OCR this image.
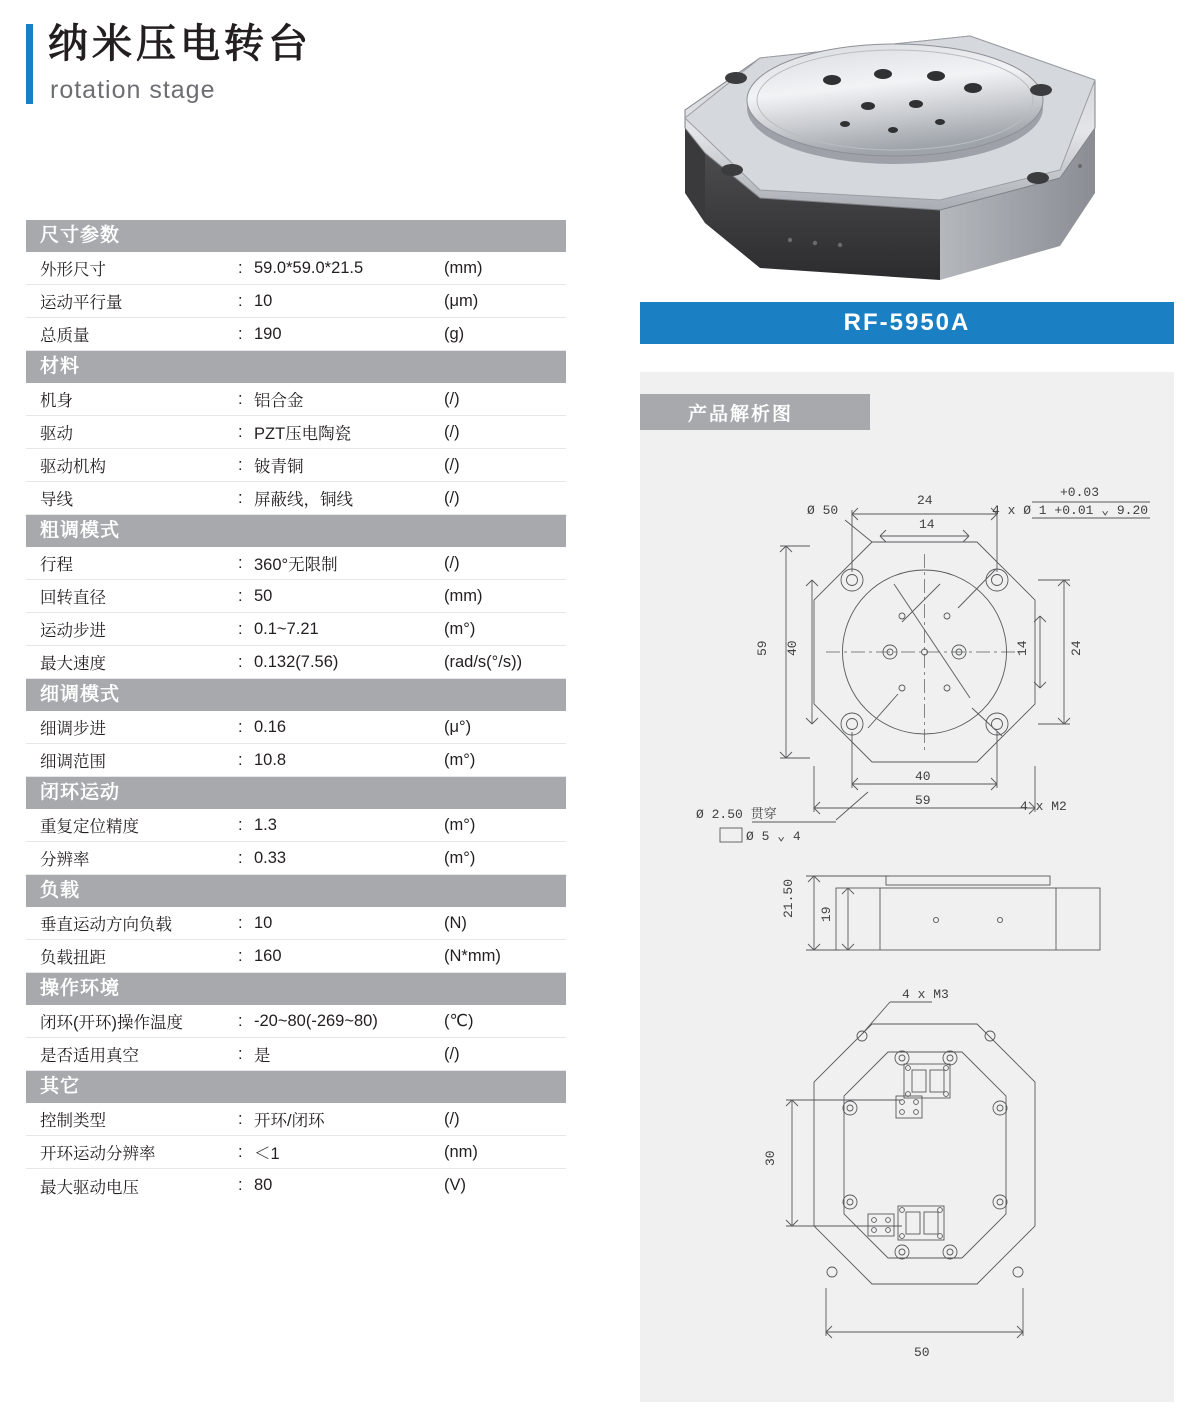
纳米压电转台
rotation stage
尺寸参数
外形尺寸	: 59.0*59.0*21.5	(mm)
运动平行量	: 10	(μm)
总质量	: 190	(g)
材料
机身	: 铝合金	(/)
驱动	: PZT压电陶瓷	(/)
驱动机构	: 铍青铜	(/)
导线	: 屏蔽线，铜线	(/)
粗调模式
行程	: 360°无限制	(/)
回转直径	: 50	(mm)
运动步进	: 0.1~7.21	(m°)
最大速度	: 0.132(7.56)	(rad/s(°/s))
细调模式
细调步进	: 0.16	(μ°)
细调范围	: 10.8	(m°)
闭环运动
重复定位精度	: 1.3	(m°)
分辨率	: 0.33	(m°)
负载
垂直运动方向负载	: 10	(N)
负载扭距	: 160	(N*mm)
操作环境
闭环(开环)操作温度	: -20~80(-269~80)	(℃)
是否适用真空	: 是	(/)
其它
控制类型	: 开环/闭环	(/)
开环运动分辨率	: ＜1	(nm)
最大驱动电压	: 80	(V)
RF-5950A
产品解析图
Ø 50
24
14
+0.03
4 x Ø 1 +0.01 ⌄ 9.20
59 40	14	24
40
59
Ø 2.50 贯穿
Ø 5 ⌄ 4
4 x M2
21.50 19
4 x M3
30
50
